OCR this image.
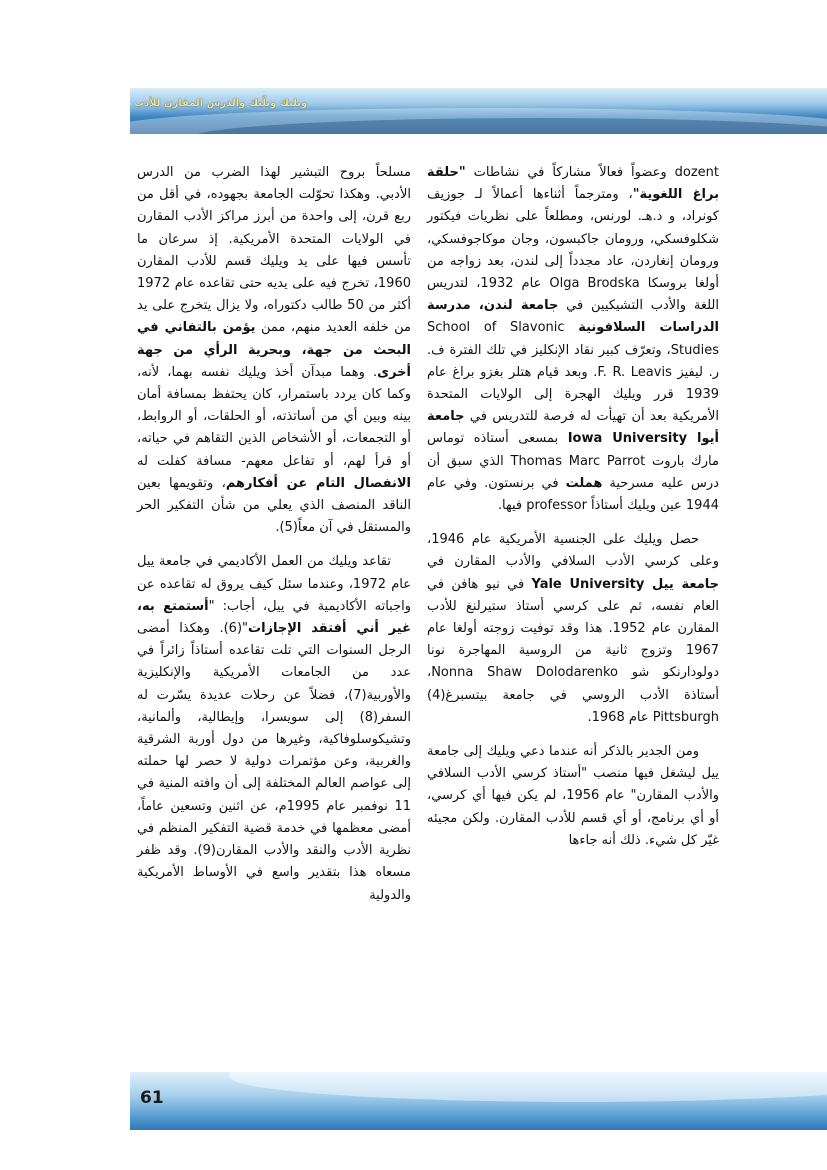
وبليك ويلّيك والدرس المقارن للأدب

dozent وعضواً فعالاً مشاركاً في نشاطات "حلقة براغ اللغوية"، ومترجماً أثناءها أعمالاً لـ جوزيف كونراد، و د.هـ. لورنس، ومطلعاً على نظريات فيكتور شكلوفسكي، ورومان جاكبسون، وجان موكاجوفسكي، ورومان إنغاردن، عاد مجدداً إلى لندن، بعد زواجه من أولغا بروسكا Olga Brodska عام 1932، لتدريس اللغة والأدب التشيكيين في جامعة لندن، مدرسة الدراسات السلافونية School of Slavonic Studies، وتعرّف كبير نقاد الإنكليز في تلك الفترة ف. ر. ليفيز F. R. Leavis. وبعد قيام هتلر بغزو براغ عام 1939 قرر ويليك الهجرة إلى الولايات المتحدة الأمريكية بعد أن تهيأت له فرصة للتدريس في جامعة أيوا Iowa University بمسعى أستاذه توماس مارك باروت Thomas Marc Parrot الذي سبق أن درس عليه مسرحية هملت في برنستون. وفي عام 1944 عين ويليك أستاذاً professor فيها.

حصل ويليك على الجنسية الأمريكية عام 1946، وعلى كرسي الأدب السلافي والأدب المقارن في جامعة ييل Yale University في نيو هافن في العام نفسه، ثم على كرسي أستاذ ستيرلنغ للأدب المقارن عام 1952. هذا وقد توفيت زوجته أولغا عام 1967 وتزوج ثانية من الروسية المهاجرة نونا دولودارنكو شو Nonna Shaw Dolodarenko، أستاذة الأدب الروسي في جامعة بيتسبرغ(4) Pittsburgh عام 1968.

ومن الجدير بالذكر أنه عندما دعي ويليك إلى جامعة ييل ليشغل فيها منصب "أستاذ كرسي الأدب السلافي والأدب المقارن" عام 1956، لم يكن فيها أي كرسي، أو أي برنامج، أو أي قسم للأدب المقارن. ولكن مجيئه غيّر كل شيء. ذلك أنه جاءها

مسلحاً بروح التبشير لهذا الضرب من الدرس الأدبي. وهكذا تحوّلت الجامعة بجهوده، في أقل من ربع قرن، إلى واحدة من أبرز مراكز الأدب المقارن في الولايات المتحدة الأمريكية. إذ سرعان ما تأسس فيها على يد ويليك قسم للأدب المقارن 1960، تخرج فيه على يديه حتى تقاعده عام 1972 أكثر من 50 طالب دكتوراه، ولا يزال يتخرج على يد من خلفه العديد منهم، ممن يؤمن بالتفاني في البحث من جهة، وبحرية الرأي من جهة أخرى. وهما مبدآن أخذ ويليك نفسه بهما، لأنه، وكما كان يردد باستمرار، كان يحتفظ بمسافة أمان بينه وبين أي من أساتذته، أو الحلقات، أو الروابط، أو التجمعات، أو الأشخاص الذين التقاهم في حياته، أو قرأ لهم، أو تفاعل معهم- مسافة كفلت له الانفصال التام عن أفكارهم، وتقويمها بعين الناقد المنصف الذي يعلي من شأن التفكير الحر والمستقل في آن معاً(5).

تقاعد ويليك من العمل الأكاديمي في جامعة ييل عام 1972، وعندما سئل كيف يروق له تقاعده عن واجباته الأكاديمية في ييل، أجاب: "أستمتع به، غير أني أفتقد الإجازات"(6). وهكذا أمضى الرجل السنوات التي تلت تقاعده أستاذاً زائراً في عدد من الجامعات الأمريكية والإنكليزية والأوربية(7)، فضلاً عن رحلات عديدة يسّرت له السفر(8) إلى سويسرا، وإيطالية، وألمانية، وتشيكوسلوفاكية، وغيرها من دول أوربة الشرقية والغربية، وعن مؤتمرات دولية لا حصر لها حملته إلى عواصم العالم المختلفة إلى أن وافته المنية في 11 نوفمبر عام 1995م، عن اثنين وتسعين عاماً، أمضى معظمها في خدمة قضية التفكير المنظم في نظرية الأدب والنقد والأدب المقارن(9). وقد ظفر مسعاه هذا بتقدير واسع في الأوساط الأمريكية والدولية

61
